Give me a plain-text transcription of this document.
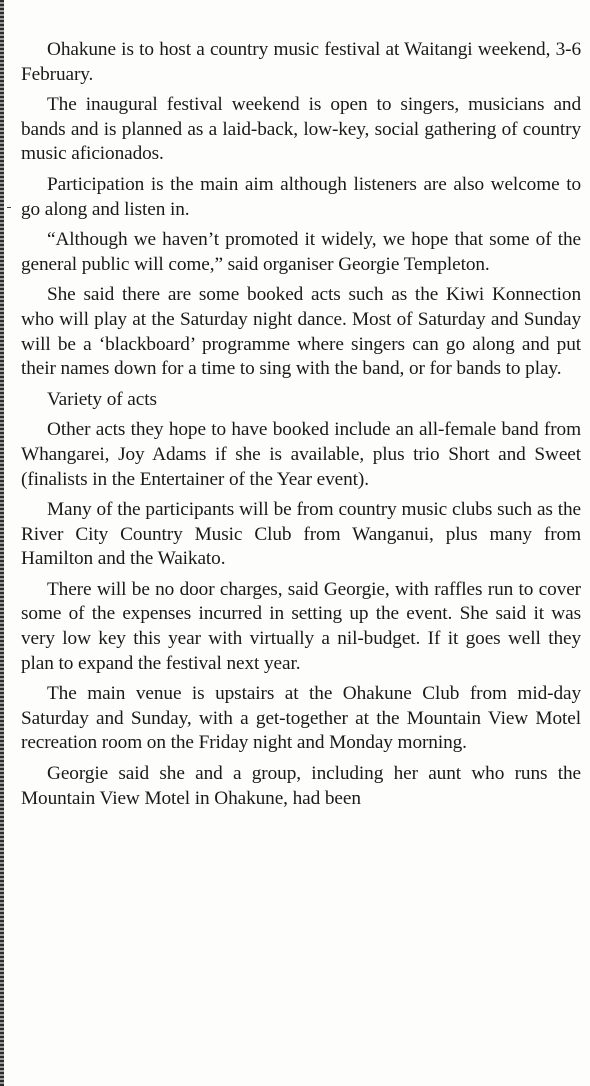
Ohakune is to host a country music festival at Waitangi weekend, 3-6 February.

The inaugural festival weekend is open to singers, musicians and bands and is planned as a laid-back, low-key, social gathering of country music aficionados.

Participation is the main aim although listeners are also welcome to go along and listen in.

“Although we haven’t promoted it widely, we hope that some of the general public will come,” said organiser Georgie Templeton.

She said there are some booked acts such as the Kiwi Konnection who will play at the Saturday night dance. Most of Saturday and Sunday will be a ‘blackboard’ programme where singers can go along and put their names down for a time to sing with the band, or for bands to play.

Variety of acts

Other acts they hope to have booked include an all-female band from Whangarei, Joy Adams if she is available, plus trio Short and Sweet (finalists in the Entertainer of the Year event).

Many of the participants will be from country music clubs such as the River City Country Music Club from Wanganui, plus many from Hamilton and the Waikato.

There will be no door charges, said Georgie, with raffles run to cover some of the expenses incurred in setting up the event. She said it was very low key this year with virtually a nil-budget. If it goes well they plan to expand the festival next year.

The main venue is upstairs at the Ohakune Club from mid-day Saturday and Sunday, with a get-together at the Mountain View Motel recreation room on the Friday night and Monday morning.

Georgie said she and a group, including her aunt who runs the Mountain View Motel in Ohakune, had been
